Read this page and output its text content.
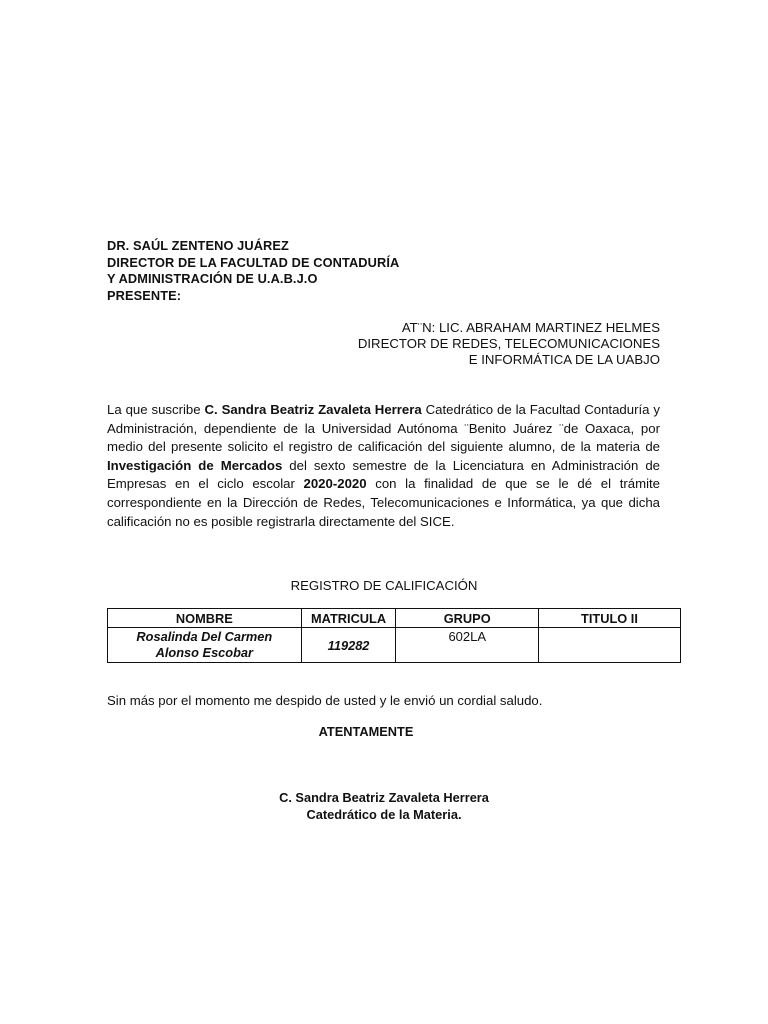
DR. SAÚL ZENTENO JUÁREZ
DIRECTOR DE LA FACULTAD DE CONTADURÍA
Y ADMINISTRACIÓN DE U.A.B.J.O
PRESENTE:
AT¨N: LIC. ABRAHAM MARTINEZ HELMES
DIRECTOR DE REDES, TELECOMUNICACIONES
E INFORMÁTICA DE LA UABJO
La que suscribe C. Sandra Beatriz Zavaleta Herrera Catedrático de la Facultad Contaduría y Administración, dependiente de la Universidad Autónoma ¨Benito Juárez ¨de Oaxaca, por medio del presente solicito el registro de calificación del siguiente alumno, de la materia de Investigación de Mercados del sexto semestre de la Licenciatura en Administración de Empresas en el ciclo escolar 2020-2020 con la finalidad de que se le dé el trámite correspondiente en la Dirección de Redes, Telecomunicaciones e Informática, ya que dicha calificación no es posible registrarla directamente del SICE.
REGISTRO DE CALIFICACIÓN
NOMBRE	MATRICULA	GRUPO	TITULO II

Rosalinda Del Carmen
Alonso Escobar	119282	602LA	
Sin más por el momento me despido de usted y le envió un cordial saludo.
ATENTAMENTE
C. Sandra Beatriz Zavaleta Herrera
Catedrático de la Materia.
